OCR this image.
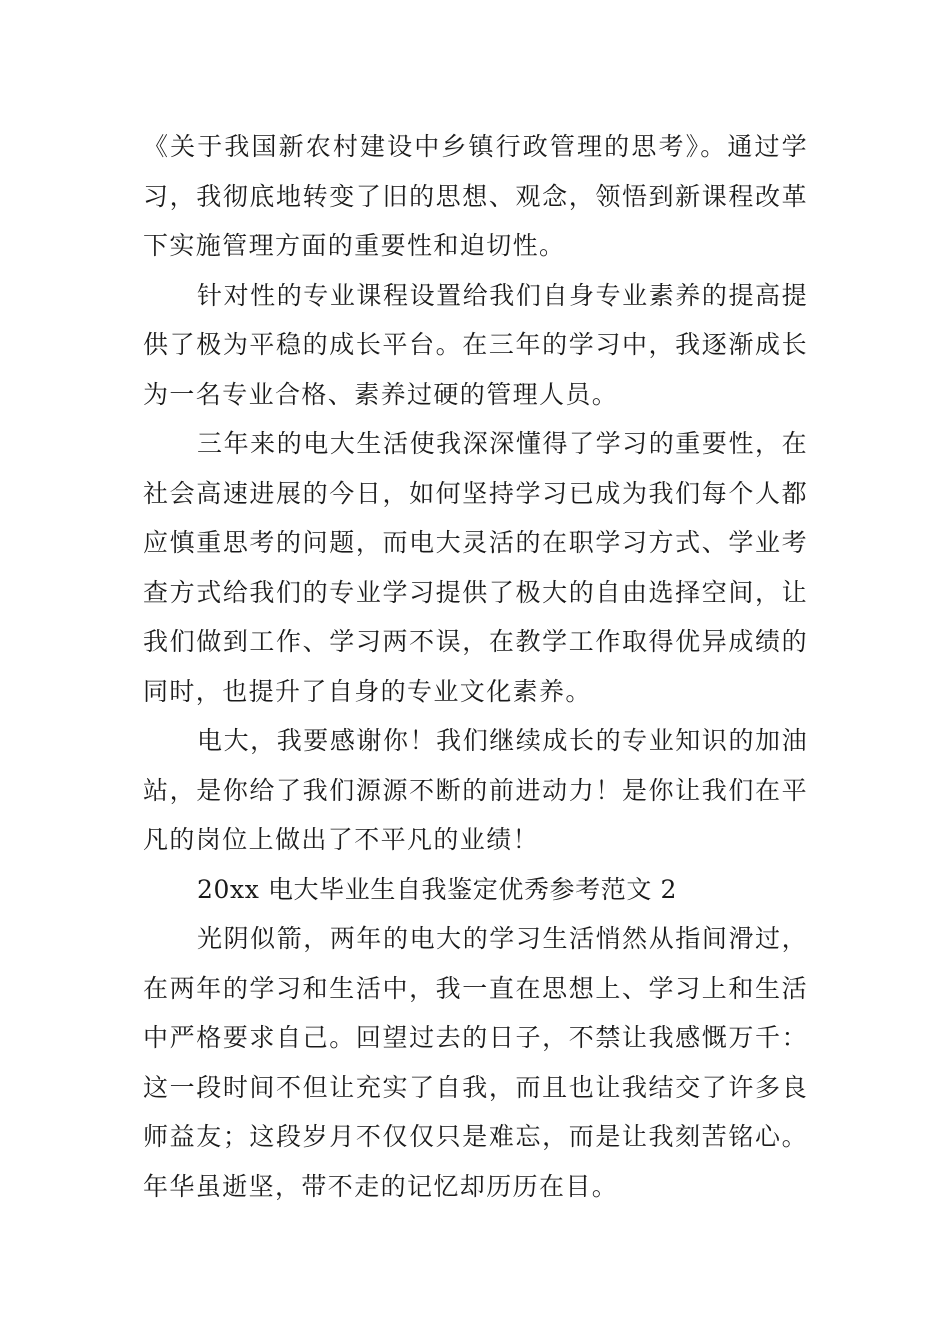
《关于我国新农村建设中乡镇行政管理的思考》。通过学习，我彻底地转变了旧的思想、观念，领悟到新课程改革下实施管理方面的重要性和迫切性。

针对性的专业课程设置给我们自身专业素养的提高提供了极为平稳的成长平台。在三年的学习中，我逐渐成长为一名专业合格、素养过硬的管理人员。

三年来的电大生活使我深深懂得了学习的重要性，在社会高速进展的今日，如何坚持学习已成为我们每个人都应慎重思考的问题，而电大灵活的在职学习方式、学业考查方式给我们的专业学习提供了极大的自由选择空间，让我们做到工作、学习两不误，在教学工作取得优异成绩的同时，也提升了自身的专业文化素养。

电大，我要感谢你！我们继续成长的专业知识的加油站，是你给了我们源源不断的前进动力！是你让我们在平凡的岗位上做出了不平凡的业绩！

20xx 电大毕业生自我鉴定优秀参考范文 2

光阴似箭，两年的电大的学习生活悄然从指间滑过，在两年的学习和生活中，我一直在思想上、学习上和生活中严格要求自己。回望过去的日子，不禁让我感慨万千：这一段时间不但让充实了自我，而且也让我结交了许多良师益友；这段岁月不仅仅只是难忘，而是让我刻苦铭心。年华虽逝坚，带不走的记忆却历历在目。
